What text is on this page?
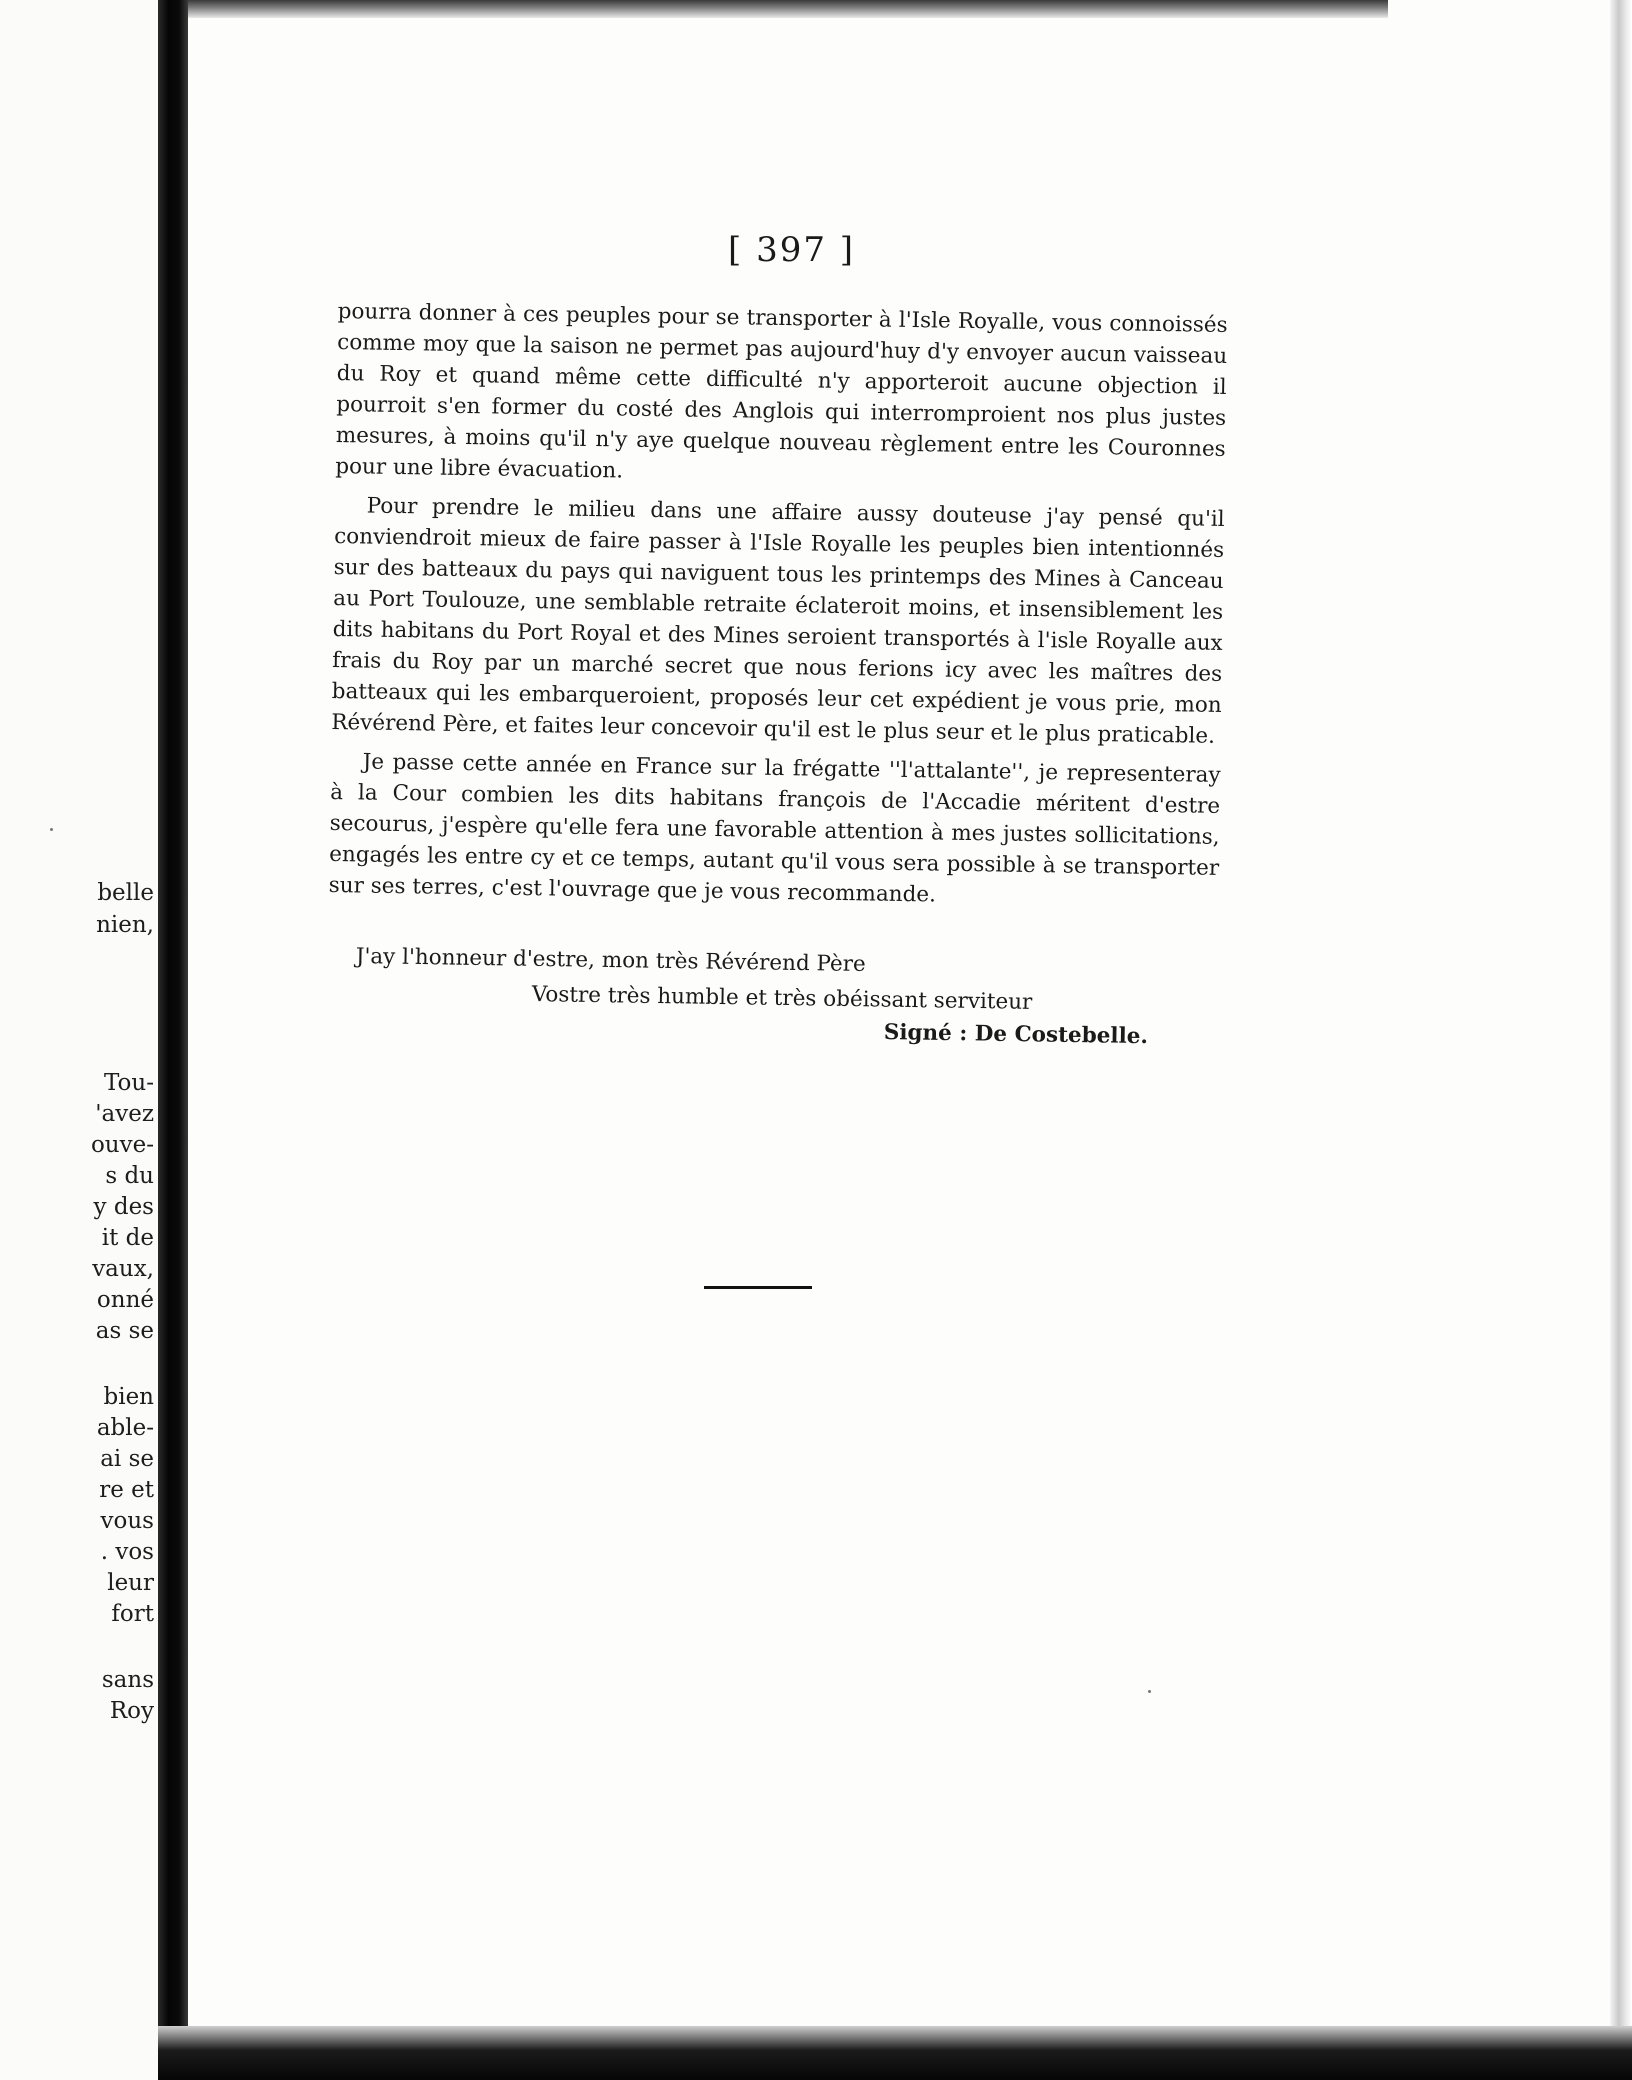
belle
nien,
Tou-
'avez
ouve-
s du
y des
it de
vaux,
onné
as se
bien
able-
ai se
re et
vous
. vos
leur
fort
sans
Roy
[ 397 ]

pourra donner à ces peuples pour se transporter à l'Isle Royalle, vous connoissés comme moy que la saison ne permet pas aujourd'huy d'y envoyer aucun vaisseau du Roy et quand même cette difficulté n'y apporteroit aucune objection il pourroit s'en former du costé des Anglois qui interromproient nos plus justes mesures, à moins qu'il n'y aye quelque nouveau règlement entre les Couronnes pour une libre évacuation.

Pour prendre le milieu dans une affaire aussy douteuse j'ay pensé qu'il conviendroit mieux de faire passer à l'Isle Royalle les peuples bien intentionnés sur des batteaux du pays qui naviguent tous les printemps des Mines à Canceau au Port Toulouze, une semblable retraite éclateroit moins, et insensiblement les dits habitans du Port Royal et des Mines seroient transportés à l'isle Royalle aux frais du Roy par un marché secret que nous ferions icy avec les maîtres des batteaux qui les embarqueroient, proposés leur cet expédient je vous prie, mon Révérend Père, et faites leur concevoir qu'il est le plus seur et le plus praticable.

Je passe cette année en France sur la frégatte ''l'attalante'', je representeray à la Cour combien les dits habitans françois de l'Accadie méritent d'estre secourus, j'espère qu'elle fera une favorable attention à mes justes sollicitations, engagés les entre cy et ce temps, autant qu'il vous sera possible à se transporter sur ses terres, c'est l'ouvrage que je vous recommande.

J'ay l'honneur d'estre, mon très Révérend Père
Vostre très humble et très obéissant serviteur
Signé : De Costebelle.
